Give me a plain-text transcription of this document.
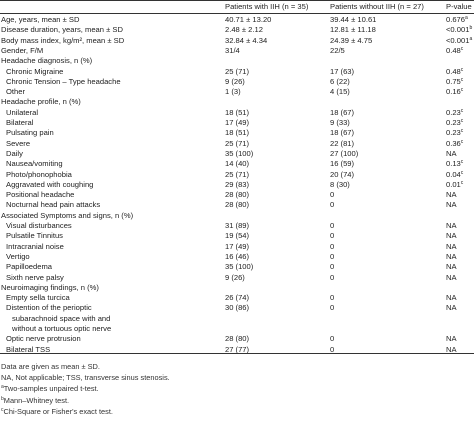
Patients with IIH (n = 35)	Patients without IIH (n = 27)	P-value
Age, years, mean ± SD	40.71 ± 13.20	39.44 ± 10.61	0.676$^a$
Disease duration, years, mean ± SD	2.48 ± 2.12	12.81 ± 11.18	<0.001$^b$
Body mass index, kg/m², mean ± SD	32.84 ± 4.34	24.39 ± 4.75	<0.001$^a$
Gender, F/M	31/4	22/5	0.48$^c$
Headache diagnosis, n (%)
Chronic Migraine	25 (71)	17 (63)	0.48$^c$
Chronic Tension – Type headache	9 (26)	6 (22)	0.75$^c$
Other	1 (3)	4 (15)	0.16$^c$
Headache profile, n (%)
Unilateral	18 (51)	18 (67)	0.23$^c$
Bilateral	17 (49)	9 (33)	0.23$^c$
Pulsating pain	18 (51)	18 (67)	0.23$^c$
Severe	25 (71)	22 (81)	0.36$^c$
Daily	35 (100)	27 (100)	NA
Nausea/vomiting	14 (40)	16 (59)	0.13$^c$
Photo/phonophobia	25 (71)	20 (74)	0.04$^c$
Aggravated with coughing	29 (83)	8 (30)	0.01$^c$
Positional headache	28 (80)	0	NA
Nocturnal head pain attacks	28 (80)	0	NA
Associated Symptoms and signs, n (%)
Visual disturbances	31 (89)	0	NA
Pulsatile Tinnitus	19 (54)	0	NA
Intracranial noise	17 (49)	0	NA
Vertigo	16 (46)	0	NA
Papilloedema	35 (100)	0	NA
Sixth nerve palsy	9 (26)	0	NA
Neuroimaging findings, n (%)
Empty sella turcica	26 (74)	0	NA
Distention of the perioptic	30 (86)	0	NA
subarachnoid space with and
without a tortuous optic nerve
Optic nerve protrusion	28 (80)	0	NA
Bilateral TSS	27 (77)	0	NA
Data are given as mean ± SD.
NA, Not applicable; TSS, transverse sinus stenosis.
$^a$Two-samples unpaired t-test.
$^b$Mann–Whitney test.
$^c$Chi-Square or Fisher's exact test.
